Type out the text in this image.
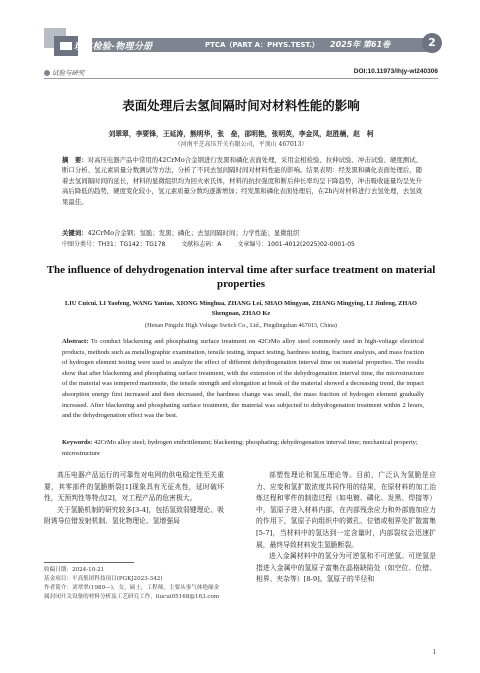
理化检验-物理分册	PTCA（PART A：PHYS.TEST.） 2025年 第61卷	2
试验与研究	DOI:10.11973/lhjy-wl240306
表面处理后去氢间隔时间对材料性能的影响
刘翠翠，李要锋，王延涛，熊明华，张　垒，邵明艳，张明英，李金凤，赵胜楠，赵　柯
（河南平芝高压开关有限公司，平顶山 467013）
摘　要：对高压电器产品中常用的42CrMo合金钢进行发黑和磷化表面处理，采用金相检验、拉伸试验、冲击试验、硬度测试、断口分析、氢元素质量分数测试等方法，分析了不同去氢间隔时间对材料性能的影响。结果表明：经发黑和磷化表面处理后，随着去氢间隔时间的延长，材料的显微组织均为回火索氏体，材料的抗拉强度和断后伸长率均呈下降趋势，冲击吸收能量均呈先升高后降低的趋势，硬度变化较小，氢元素质量分数均逐渐增加；经发黑和磷化表面处理后，在2h内对材料进行去氢处理，去氢效果最佳。
关键词：42CrMo合金钢；氢脆；发黑；磷化；去氢间隔时间；力学性能；显微组织
中图分类号：TH31；TG142；TG178	文献标志码：A	文章编号：1001-4012(2025)02-0001-05
The influence of dehydrogenation interval time after surface treatment on material properties
LIU Cuicui, LI Yaofeng, WANG Yantao, XIONG Minghua, ZHANG Lei, SHAO Mingyan, ZHANG Mingying, LI Jinfeng, ZHAO Shengnan, ZHAO Ke
(Henan Pingzhi High Voltage Switch Co., Ltd., Pingdingshan 467013, China)
Abstract: To conduct blackening and phosphating surface treatment on 42CrMo alloy steel commonly used in high-voltage electrical products, methods such as metallographic examination, tensile testing, impact testing, hardness testing, fracture analysis, and mass fraction of hydrogen element testing were used to analyze the effect of different dehydrogenation interval time on material properties. The results show that after blackening and phosphating surface treatment, with the extension of the dehydrogenation interval time, the microstructure of the material was tempered martensite, the tensile strength and elongation at break of the material showed a decreasing trend, the impact absorption energy first increased and then decreased, the hardness change was small, the mass fraction of hydrogen element gradually increased. After blackening and phosphating surface treatment, the material was subjected to dehydrogenation treatment within 2 hours, and the dehydrogenation effect was the best.
Keywords: 42CrMo alloy steel; hydrogen embrittlement; blackening; phosphating; dehydrogenation interval time; mechanical property; microstructure

高压电器产品运行的可靠性对电网的供电稳定性至关重要，其零部件的氢脆断裂[1]现象具有无征兆性，延时破坏性，无预判性等特点[2]，对工程产品的危害极大。

关于氢脆机制的研究较多[3-4]，包括氢致弱键理论、吸附诱导位错发射机制、氢化物理论、氢增强局

部塑性理论和氢压理论等。目前，广泛认为氢脆是应力、应变和氢扩散浓度共同作用的结果，在原材料的加工冶炼过程和零件的制造过程（如电镀、磷化、发黑、焊接等）中，氢原子进入材料内部，在内部残余应力和外部施加应力的作用下，氢原子向组织中的微孔、位错或相界处扩散富集[5-7]，当材料中的氢达到一定含量时，内部裂纹会迅速扩展，最终导致材料发生氢脆断裂。

进入金属材料中的氢分为可逆氢和不可逆氢。可逆氢是指进入金属中的氢原子富集在晶格缺陷处（如空位、位错、相界、夹杂等）[8-9]。氢原子的半径和

收稿日期：2024-10-21
基金项目：平高集团科技项目(PGKJ2023-342)
作者简介：刘翠翠(1989—)，女，硕士，工程师，主要从事气体绝缘金属封闭开关设备的材料分析及工艺研究工作，liucui05168@163.com
1
